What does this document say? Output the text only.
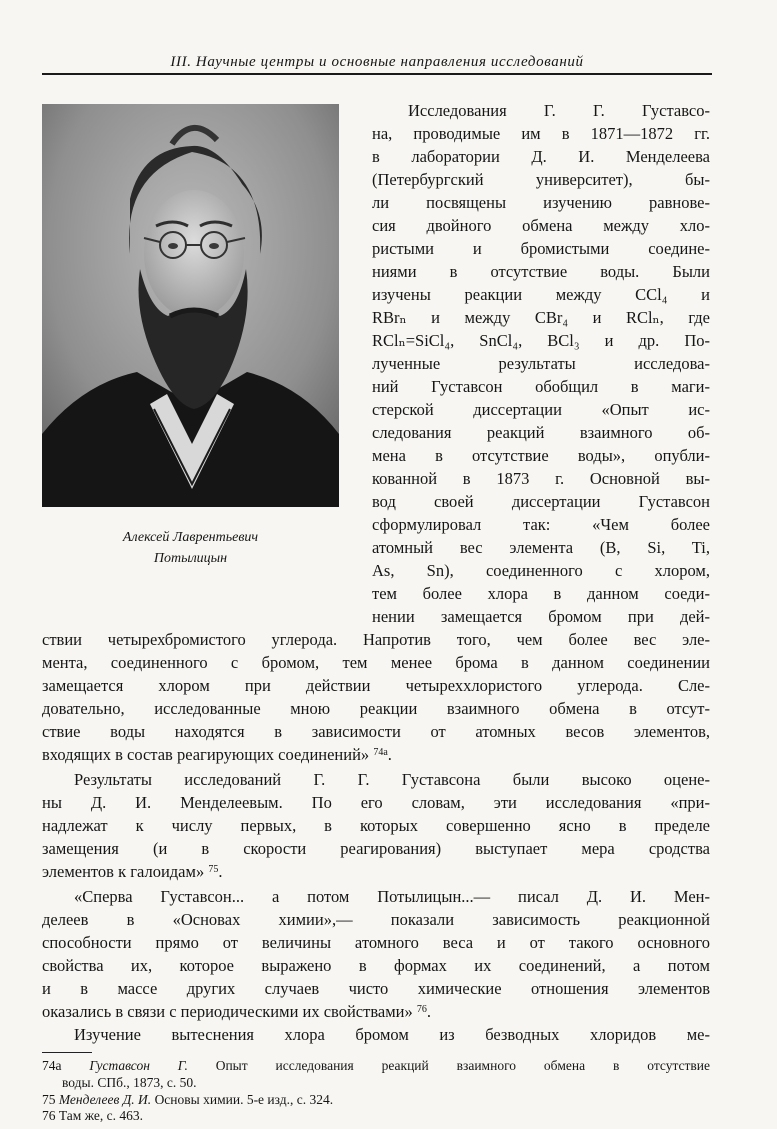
III. Научные центры и основные направления исследований
Алексей Лаврентьевич
Потылицын

Исследования Г. Г. Густавсо-

на, проводимые им в 1871—1872 гг.

в лаборатории Д. И. Менделеева

(Петербургский университет), бы-

ли посвящены изучению равнове-

сия двойного обмена между хло-

ристыми и бромистыми соедине-

ниями в отсутствие воды. Были

изучены реакции между CCl₄ и

RBrₙ и между CBr₄ и RClₙ, где

RClₙ=SiCl₄, SnCl₄, BCl₃ и др. По-

лученные результаты исследова-

ний Густавсон обобщил в маги-

стерской диссертации «Опыт ис-

следования реакций взаимного об-

мена в отсутствие воды», опубли-

кованной в 1873 г. Основной вы-

вод своей диссертации Густавсон

сформулировал так: «Чем более

атомный вес элемента (B, Si, Ti,

As, Sn), соединенного с хлором,

тем более хлора в данном соеди-

нении замещается бромом при дей-

ствии четырехбромистого углерода. Напротив того, чем более вес эле-

мента, соединенного с бромом, тем менее брома в данном соединении

замещается хлором при действии четыреххлористого углерода. Сле-

довательно, исследованные мною реакции взаимного обмена в отсут-

ствие воды находятся в зависимости от атомных весов элементов,

входящих в состав реагирующих соединений» $^{74а}$.

Результаты исследований Г. Г. Густавсона были высоко оцене-

ны Д. И. Менделеевым. По его словам, эти исследования «при-

надлежат к числу первых, в которых совершенно ясно в пределе

замещения (и в скорости реагирования) выступает мера сродства

элементов к галоидам» $^{75}$.

«Сперва Густавсон... а потом Потылицын...— писал Д. И. Мен-

делеев в «Основах химии»,— показали зависимость реакционной

способности прямо от величины атомного веса и от такого основного

свойства их, которое выражено в формах их соединений, а потом

и в массе других случаев чисто химические отношения элементов

оказались в связи с периодическими их свойствами» $^{76}$.

Изучение вытеснения хлора бромом из безводных хлоридов ме-

74а Густавсон Г. Опыт исследования реакций взаимного обмена в отсутствие

воды. СПб., 1873, с. 50.

75 Менделеев Д. И. Основы химии. 5-е изд., с. 324.

76 Там же, с. 463.
